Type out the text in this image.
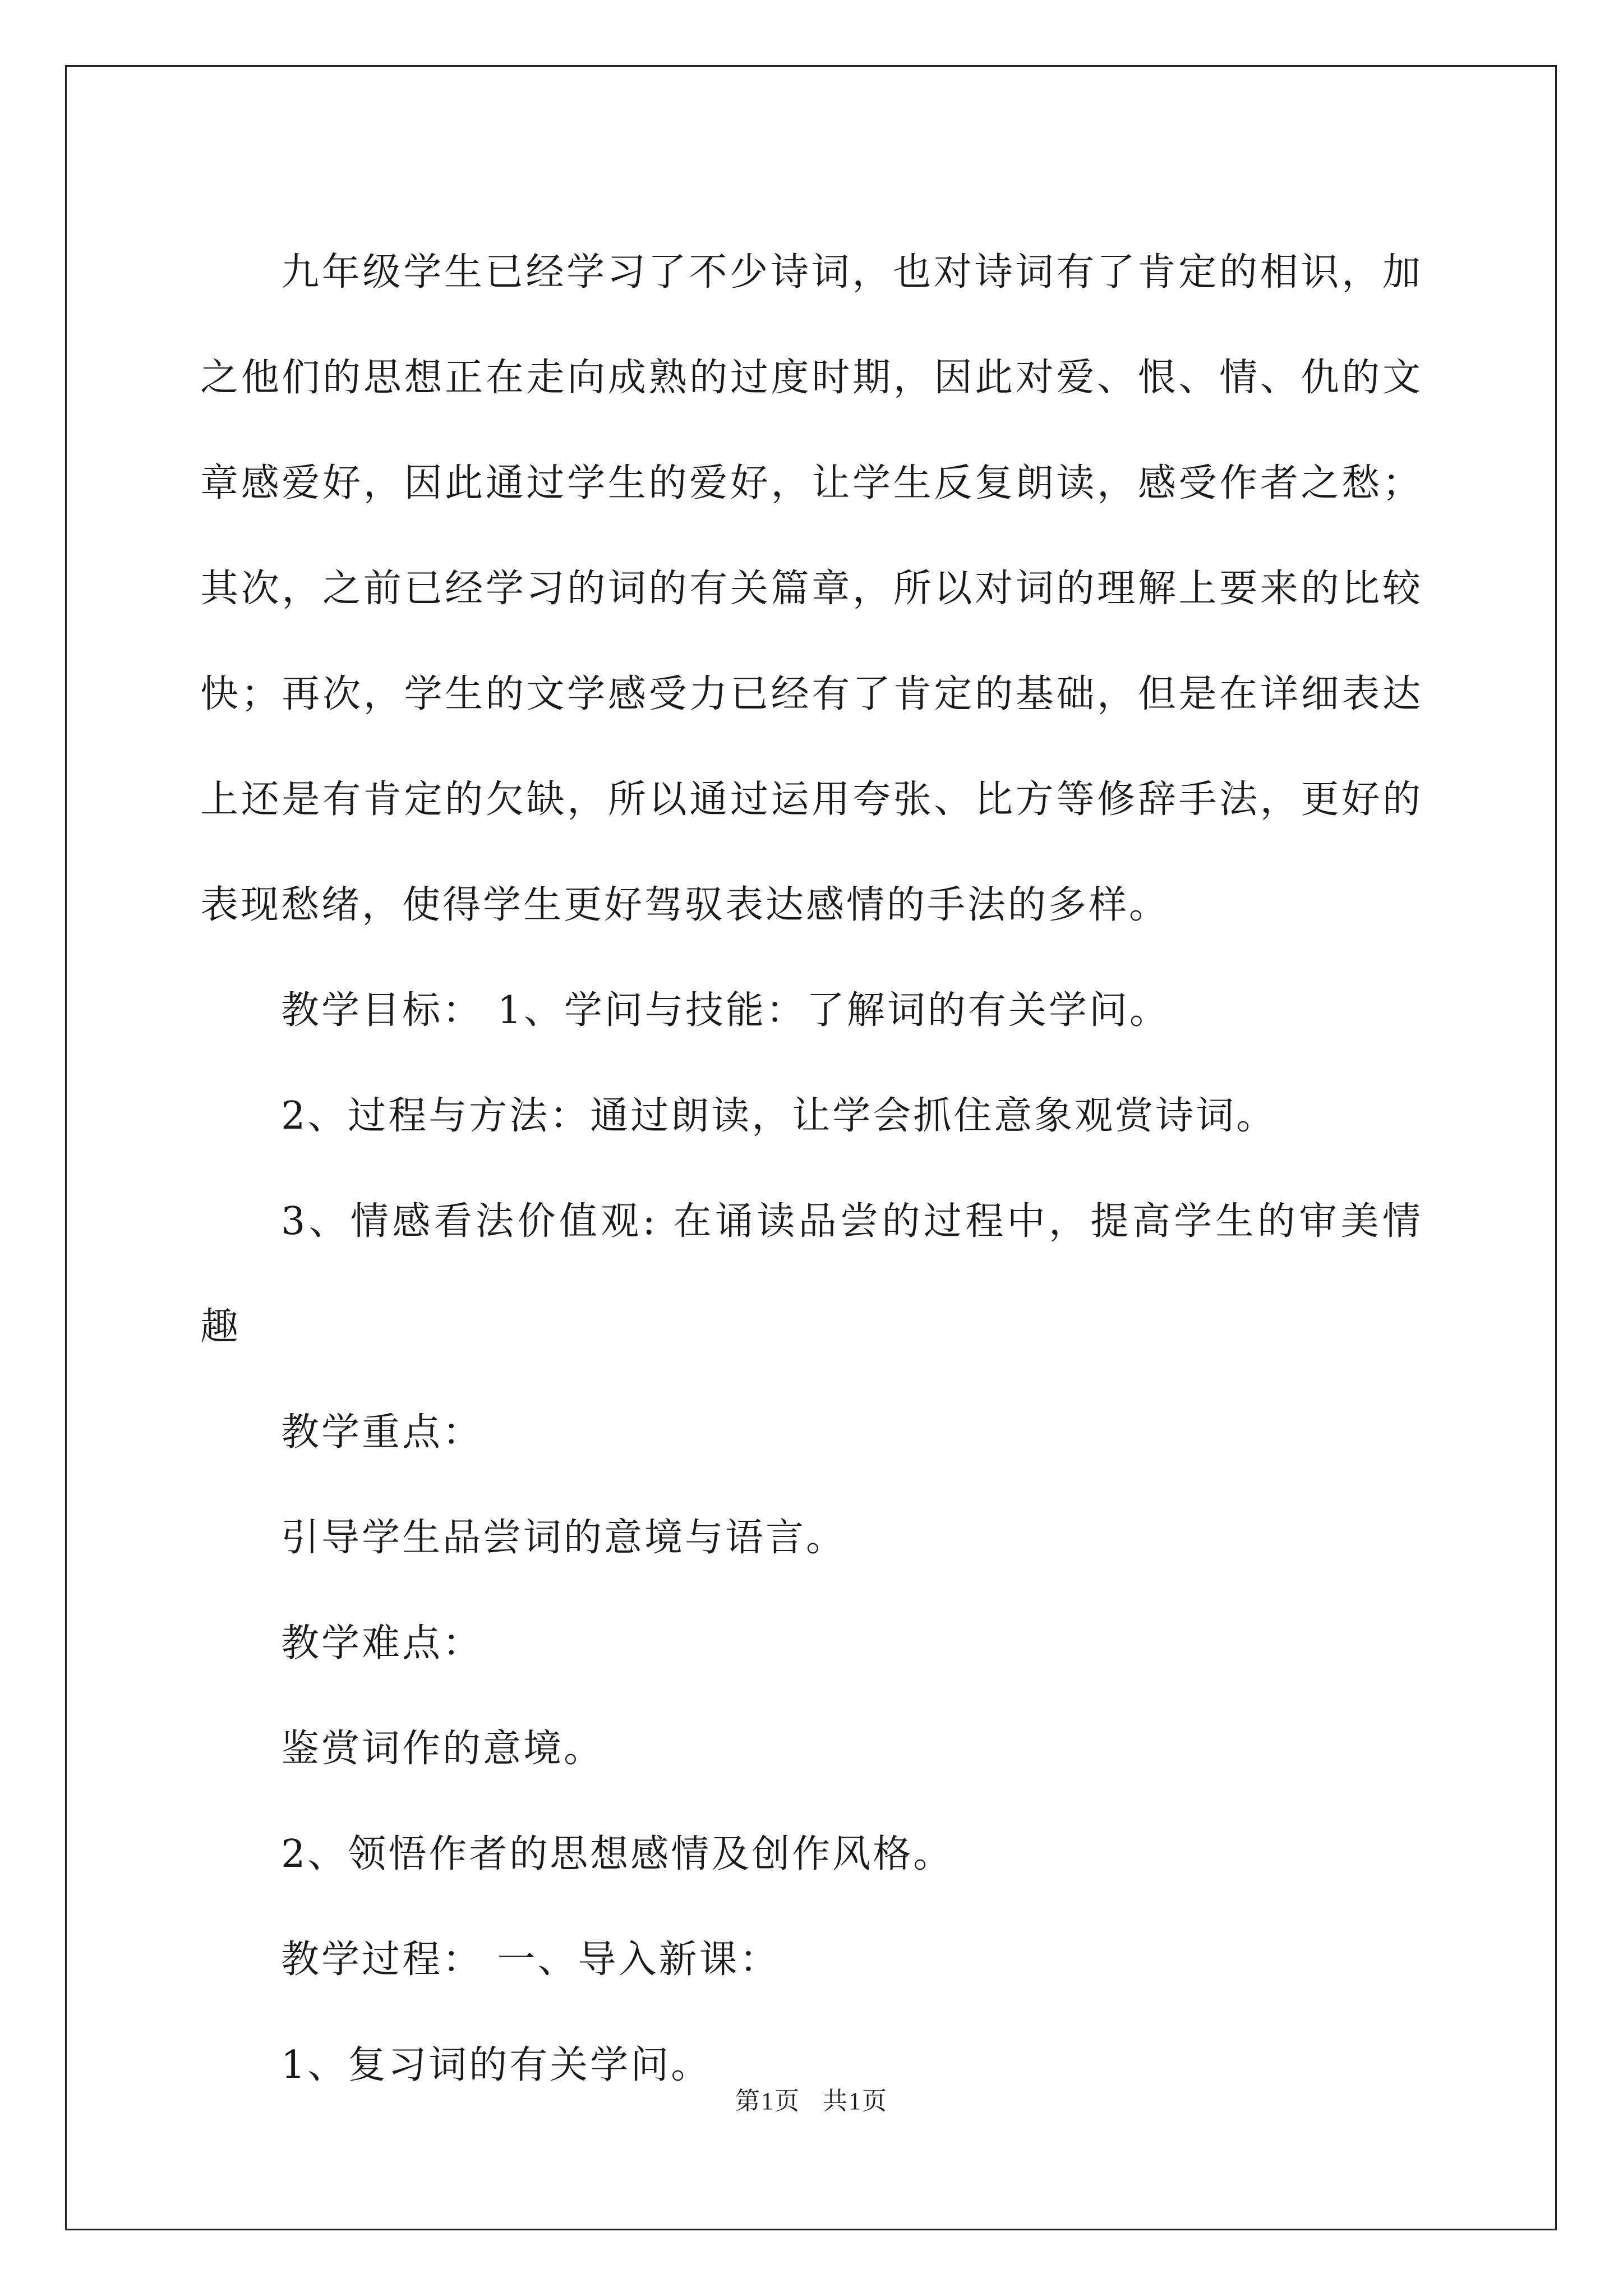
九年级学生已经学习了不少诗词，也对诗词有了肯定的相识，加之他们的思想正在走向成熟的过度时期，因此对爱、恨、情、仇的文章感爱好，因此通过学生的爱好，让学生反复朗读，感受作者之愁；其次，之前已经学习的词的有关篇章，所以对词的理解上要来的比较快；再次，学生的文学感受力已经有了肯定的基础，但是在详细表达上还是有肯定的欠缺，所以通过运用夸张、比方等修辞手法，更好的表现愁绪，使得学生更好驾驭表达感情的手法的多样。

教学目标： 1、学问与技能：了解词的有关学问。

2、过程与方法：通过朗读，让学会抓住意象观赏诗词。

3、情感看法价值观: 在诵读品尝的过程中，提高学生的审美情趣

教学重点：

引导学生品尝词的意境与语言。

教学难点：

鉴赏词作的意境。

2、领悟作者的思想感情及创作风格。

教学过程： 一、导入新课：

1、复习词的有关学问。

第1页 共1页
